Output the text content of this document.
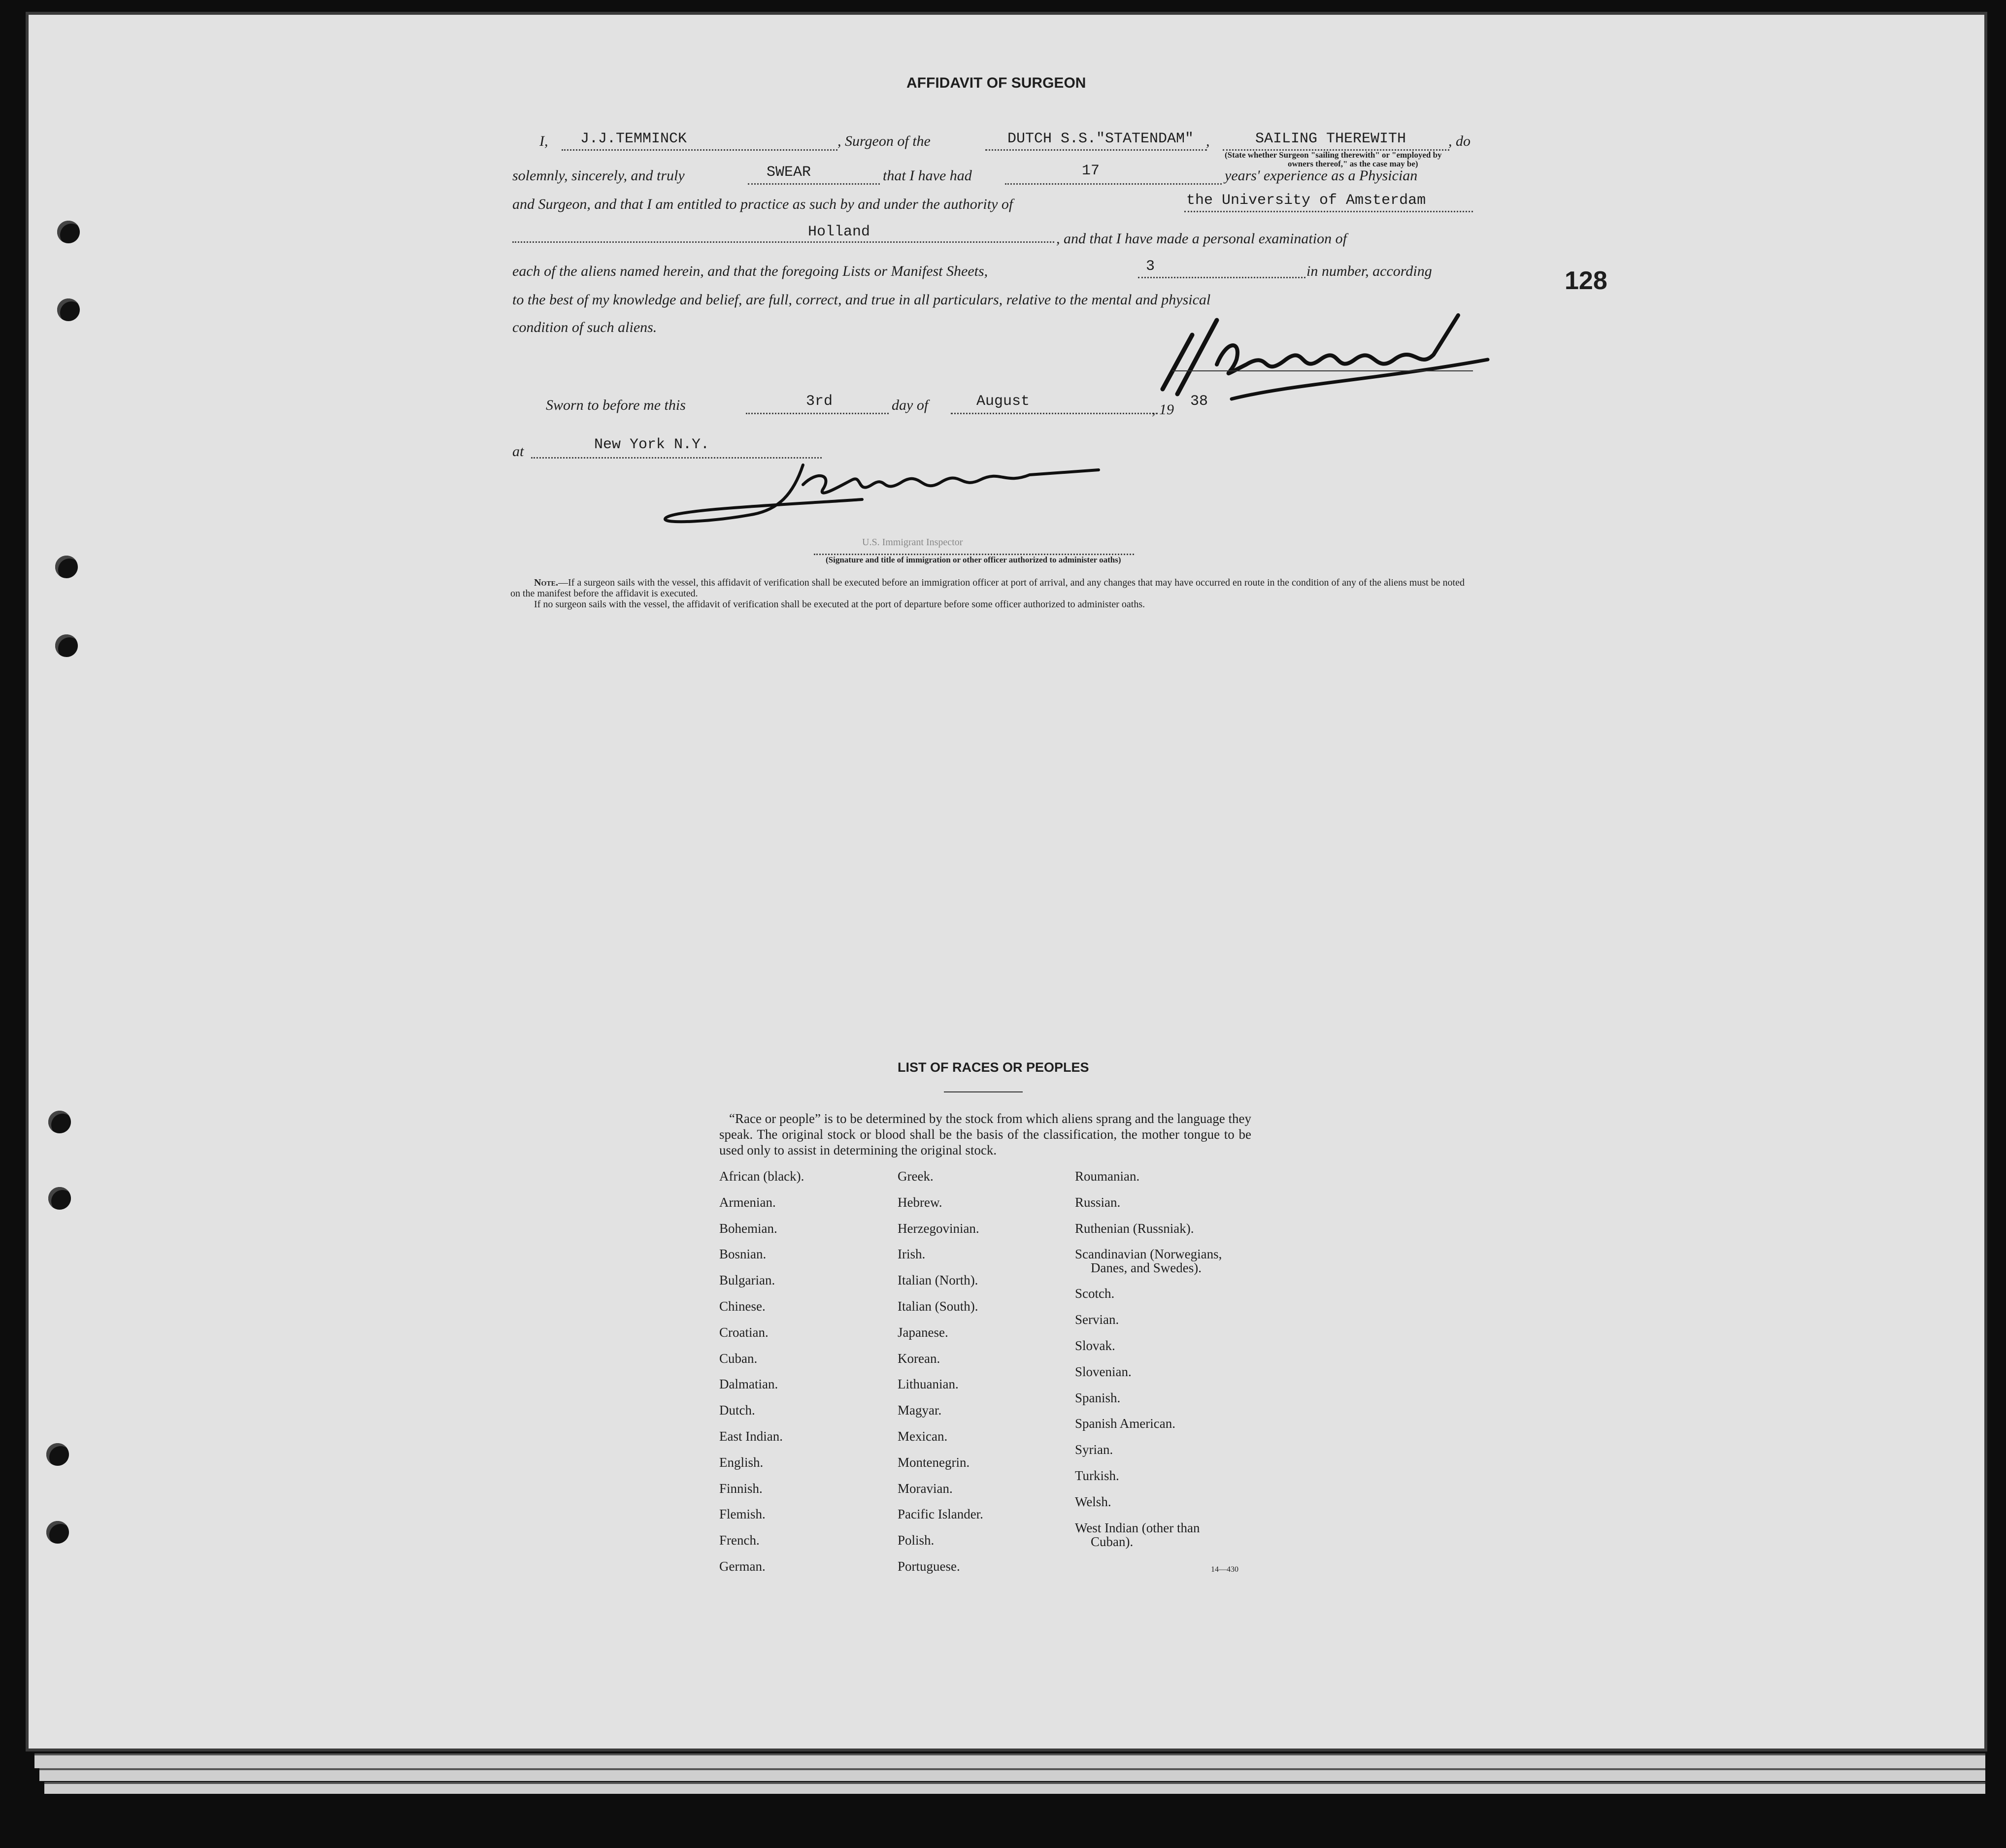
AFFIDAVIT OF SURGEON
I, J.J.TEMMINCK	, Surgeon of the	DUTCH S.S."STATENDAM" ,	SAILING THEREWITH	, do
(State whether Surgeon "sailing therewith" or "employed by
owners thereof," as the case may be)
solemnly, sincerely, and truly	SWEAR	that I have had	17	years' experience as a Physician
and Surgeon, and that I am entitled to practice as such by and under the authority of	the University of Amsterdam
Holland	, and that I have made a personal examination of
each of the aliens named herein, and that the foregoing Lists or Manifest Sheets,	3	in number, according	128
to the best of my knowledge and belief, are full, correct, and true in all particulars, relative to the mental and physical
condition of such aliens.
Sworn to before me this	3rd	day of	August	, 19 38
at	New York N.Y.
U.S. Immigrant Inspector
(Signature and title of immigration or other officer authorized to administer oaths)
Note.—If a surgeon sails with the vessel, this affidavit of verification shall be executed before an immigration officer at port of arrival, and any changes that may have occurred en route in the condition of any of the aliens must be noted on the manifest before the affidavit is executed.
If no surgeon sails with the vessel, the affidavit of verification shall be executed at the port of departure before some officer authorized to administer oaths.
LIST OF RACES OR PEOPLES
“Race or people” is to be determined by the stock from which aliens sprang and the language they speak. The original stock or blood shall be the basis of the classification, the mother tongue to be used only to assist in determining the original stock.
African (black).
Armenian.
Bohemian.
Bosnian.
Bulgarian.
Chinese.
Croatian.
Cuban.
Dalmatian.
Dutch.
East Indian.
English.
Finnish.
Flemish.
French.
German.
Greek.
Hebrew.
Herzegovinian.
Irish.
Italian (North).
Italian (South).
Japanese.
Korean.
Lithuanian.
Magyar.
Mexican.
Montenegrin.
Moravian.
Pacific Islander.
Polish.
Portuguese.
Roumanian.
Russian.
Ruthenian (Russniak).
Scandinavian (Norwegians,
Danes, and Swedes).
Scotch.
Servian.
Slovak.
Slovenian.
Spanish.
Spanish American.
Syrian.
Turkish.
Welsh.
West Indian (other than
Cuban).
14—430
